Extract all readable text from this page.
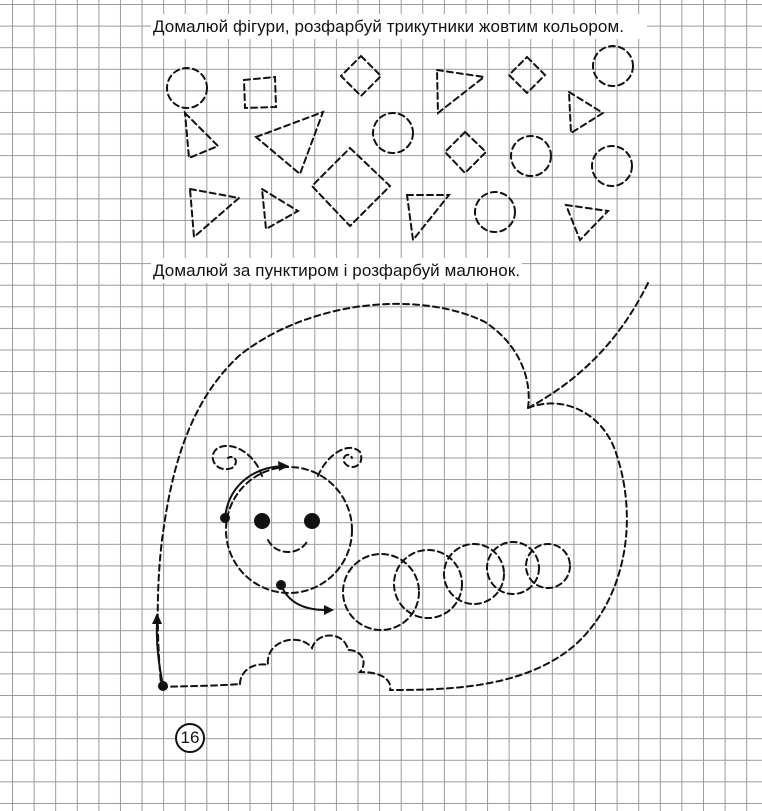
Домалюй фігури, розфарбуй трикутники жовтим кольором.

Домалюй за пунктиром і розфарбуй малюнок.

16
